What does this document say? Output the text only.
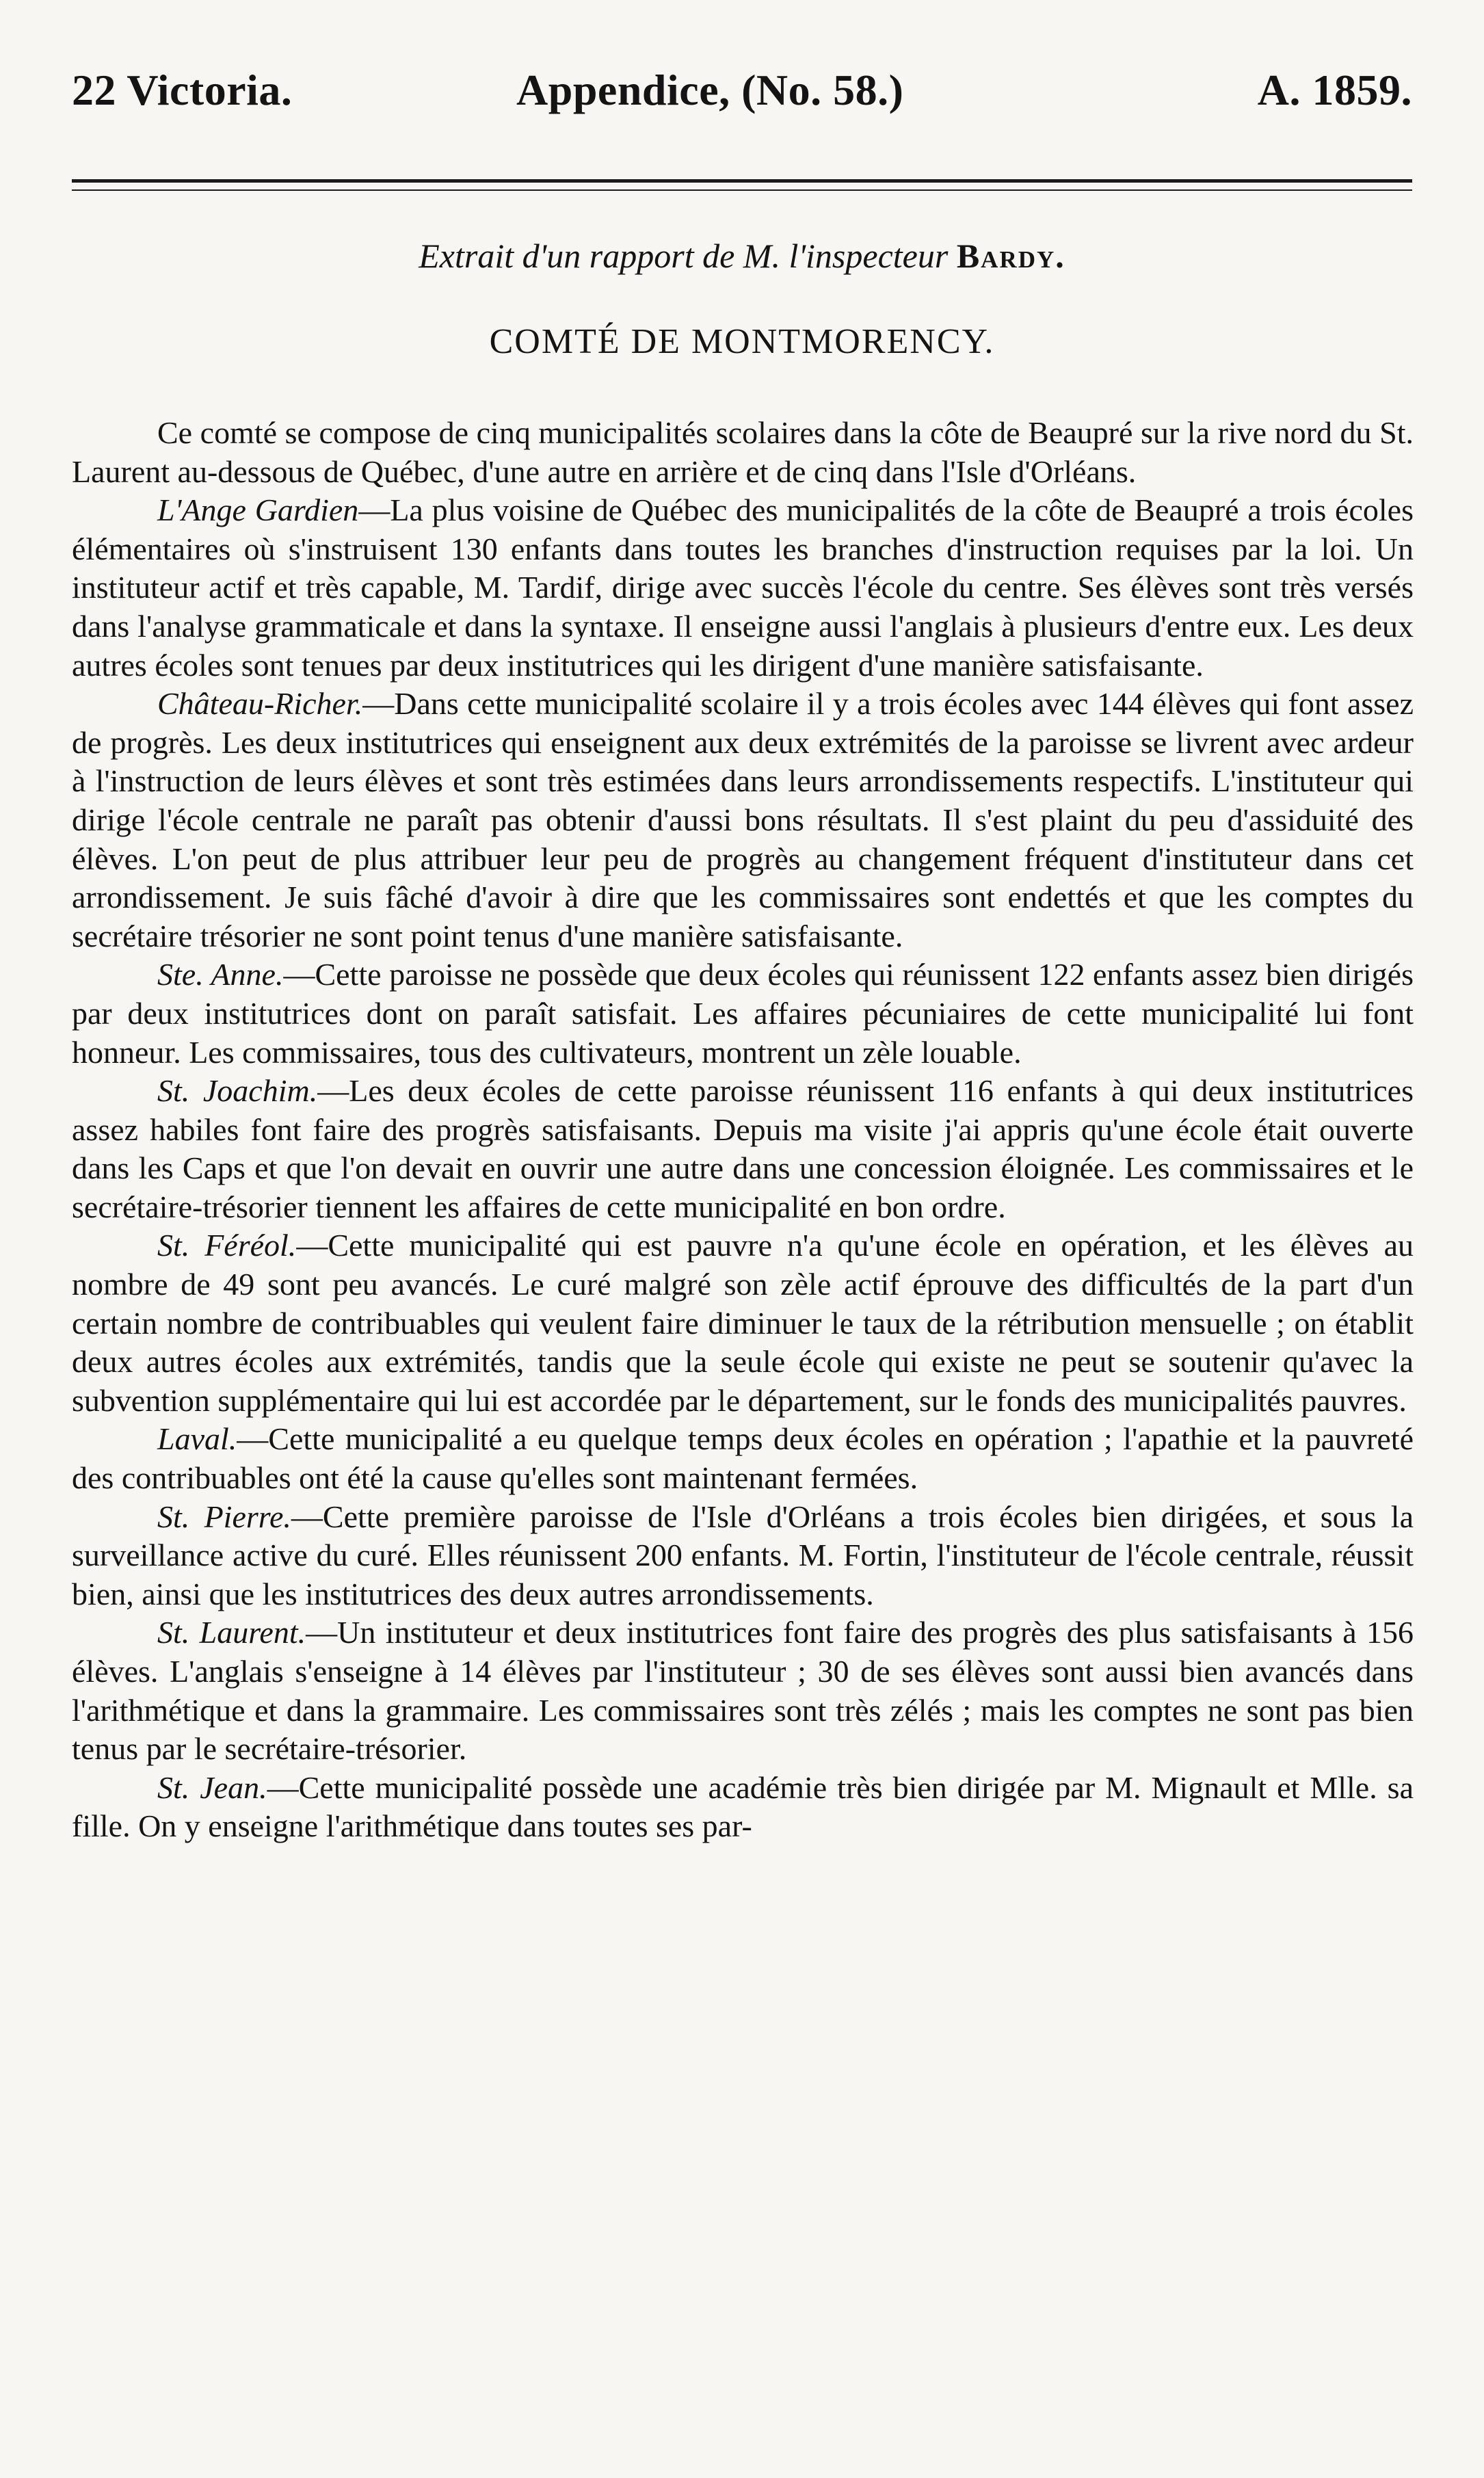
22 Victoria.	Appendice, (No. 58.)	A. 1859.
Extrait d'un rapport de M. l'inspecteur Bardy.
COMTÉ DE MONTMORENCY.

Ce comté se compose de cinq municipalités scolaires dans la côte de Beaupré sur la rive nord du St. Laurent au-dessous de Québec, d'une autre en arrière et de cinq dans l'Isle d'Orléans.

L'Ange Gardien—La plus voisine de Québec des municipalités de la côte de Beaupré a trois écoles élémentaires où s'instruisent 130 enfants dans toutes les branches d'instruction requises par la loi. Un instituteur actif et très capable, M. Tardif, dirige avec succès l'école du centre. Ses élèves sont très versés dans l'analyse grammaticale et dans la syntaxe. Il enseigne aussi l'anglais à plusieurs d'entre eux. Les deux autres écoles sont tenues par deux institutrices qui les dirigent d'une manière satisfaisante.

Château-Richer.—Dans cette municipalité scolaire il y a trois écoles avec 144 élèves qui font assez de progrès. Les deux institutrices qui enseignent aux deux extrémités de la paroisse se livrent avec ardeur à l'instruction de leurs élèves et sont très estimées dans leurs arrondissements respectifs. L'instituteur qui dirige l'école centrale ne paraît pas obtenir d'aussi bons résultats. Il s'est plaint du peu d'assiduité des élèves. L'on peut de plus attribuer leur peu de progrès au changement fréquent d'instituteur dans cet arrondissement. Je suis fâché d'avoir à dire que les commissaires sont endettés et que les comptes du secrétaire trésorier ne sont point tenus d'une manière satisfaisante.

Ste. Anne.—Cette paroisse ne possède que deux écoles qui réunissent 122 enfants assez bien dirigés par deux institutrices dont on paraît satisfait. Les affaires pécuniaires de cette municipalité lui font honneur. Les commissaires, tous des cultivateurs, montrent un zèle louable.

St. Joachim.—Les deux écoles de cette paroisse réunissent 116 enfants à qui deux institutrices assez habiles font faire des progrès satisfaisants. Depuis ma visite j'ai appris qu'une école était ouverte dans les Caps et que l'on devait en ouvrir une autre dans une concession éloignée. Les commissaires et le secrétaire-trésorier tiennent les affaires de cette municipalité en bon ordre.

St. Féréol.—Cette municipalité qui est pauvre n'a qu'une école en opération, et les élèves au nombre de 49 sont peu avancés. Le curé malgré son zèle actif éprouve des difficultés de la part d'un certain nombre de contribuables qui veulent faire diminuer le taux de la rétribution mensuelle ; on établit deux autres écoles aux extrémités, tandis que la seule école qui existe ne peut se soutenir qu'avec la subvention supplémentaire qui lui est accordée par le département, sur le fonds des municipalités pauvres.

Laval.—Cette municipalité a eu quelque temps deux écoles en opération ; l'apathie et la pauvreté des contribuables ont été la cause qu'elles sont maintenant fermées.

St. Pierre.—Cette première paroisse de l'Isle d'Orléans a trois écoles bien dirigées, et sous la surveillance active du curé. Elles réunissent 200 enfants. M. Fortin, l'instituteur de l'école centrale, réussit bien, ainsi que les institutrices des deux autres arrondissements.

St. Laurent.—Un instituteur et deux institutrices font faire des progrès des plus satisfaisants à 156 élèves. L'anglais s'enseigne à 14 élèves par l'instituteur ; 30 de ses élèves sont aussi bien avancés dans l'arithmétique et dans la grammaire. Les commissaires sont très zélés ; mais les comptes ne sont pas bien tenus par le secrétaire-trésorier.

St. Jean.—Cette municipalité possède une académie très bien dirigée par M. Mignault et Mlle. sa fille. On y enseigne l'arithmétique dans toutes ses par-
